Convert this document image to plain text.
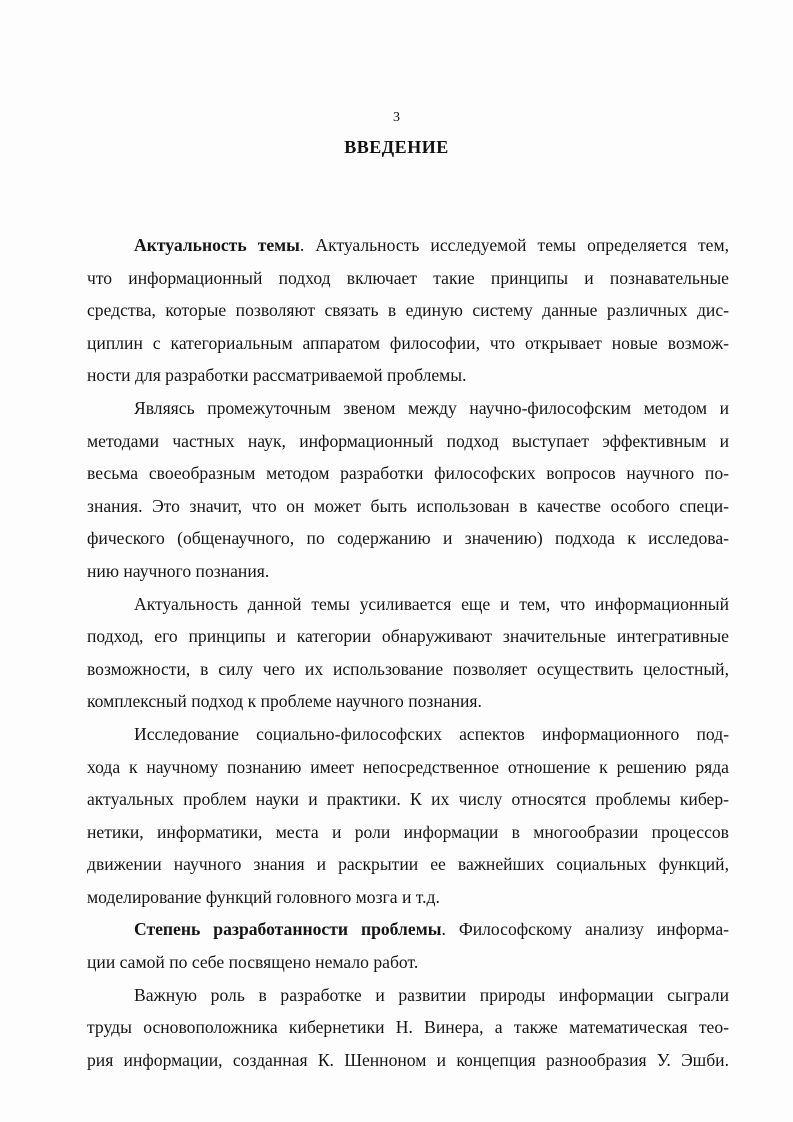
3
ВВЕДЕНИЕ

Актуальность темы. Актуальность исследуемой темы определяется тем,
что информационный подход включает такие принципы и познавательные
средства, которые позволяют связать в единую систему данные различных дис-
циплин с категориальным аппаратом философии, что открывает новые возмож-
ности для разработки рассматриваемой проблемы.

Являясь промежуточным звеном между научно-философским методом и
методами частных наук, информационный подход выступает эффективным и
весьма своеобразным методом разработки философских вопросов научного по-
знания. Это значит, что он может быть использован в качестве особого специ-
фического (общенаучного, по содержанию и значению) подхода к исследова-
нию научного познания.

Актуальность данной темы усиливается еще и тем, что информационный
подход, его принципы и категории обнаруживают значительные интегративные
возможности, в силу чего их использование позволяет осуществить целостный,
комплексный подход к проблеме научного познания.

Исследование социально-философских аспектов информационного под-
хода к научному познанию имеет непосредственное отношение к решению ряда
актуальных проблем науки и практики. К их числу относятся проблемы кибер-
нетики, информатики, места и роли информации в многообразии процессов
движении научного знания и раскрытии ее важнейших социальных функций,
моделирование функций головного мозга и т.д.

Степень разработанности проблемы. Философскому анализу информа-
ции самой по себе посвящено немало работ.

Важную роль в разработке и развитии природы информации сыграли
труды основоположника кибернетики Н. Винера, а также математическая тео-
рия информации, созданная К. Шенноном и концепция разнообразия У. Эшби.
